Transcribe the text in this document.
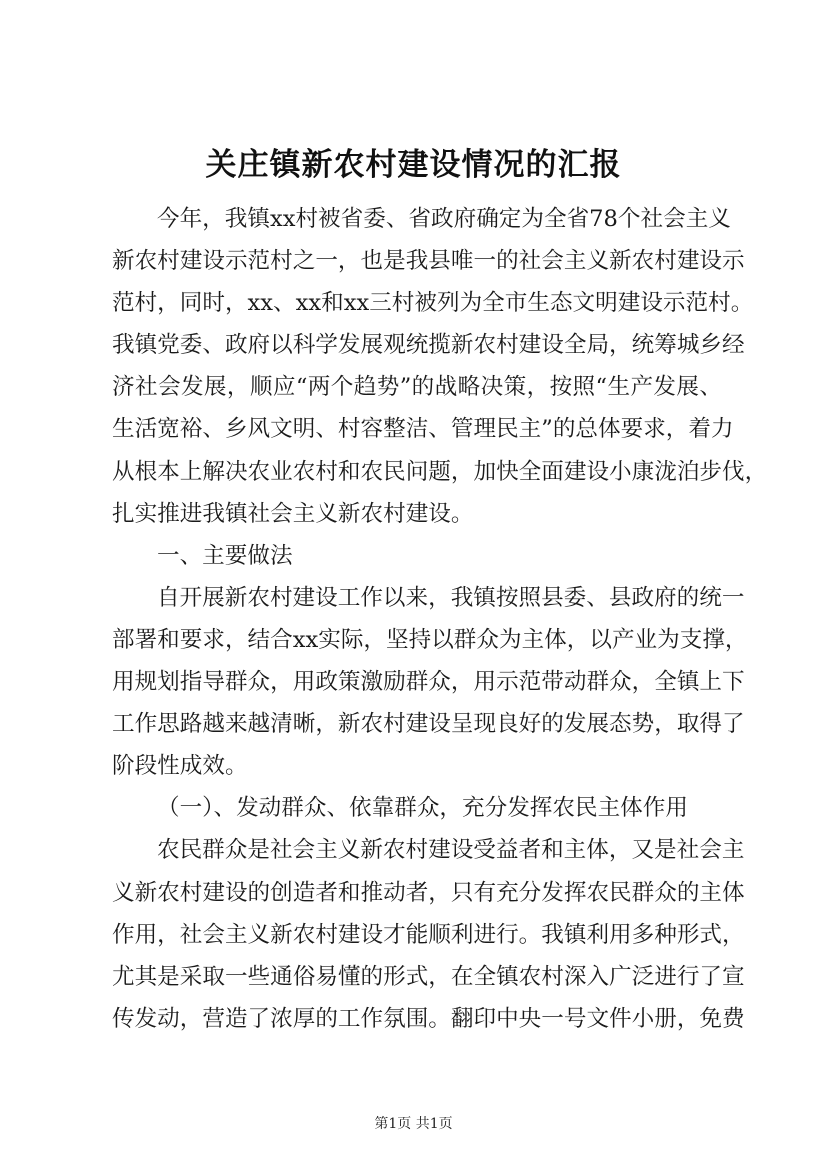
关庄镇新农村建设情况的汇报
今年，我镇xx村被省委、省政府确定为全省78个社会主义
新农村建设示范村之一，也是我县唯一的社会主义新农村建设示
范村，同时，xx、xx和xx三村被列为全市生态文明建设示范村。
我镇党委、政府以科学发展观统揽新农村建设全局，统筹城乡经
济社会发展，顺应“两个趋势”的战略决策，按照“生产发展、
生活宽裕、乡风文明、村容整洁、管理民主”的总体要求，着力
从根本上解决农业农村和农民问题，加快全面建设小康泷泊步伐，
扎实推进我镇社会主义新农村建设。
一、主要做法
自开展新农村建设工作以来，我镇按照县委、县政府的统一
部署和要求，结合xx实际，坚持以群众为主体，以产业为支撑，
用规划指导群众，用政策激励群众，用示范带动群众，全镇上下
工作思路越来越清晰，新农村建设呈现良好的发展态势，取得了
阶段性成效。
（一）、发动群众、依靠群众，充分发挥农民主体作用
农民群众是社会主义新农村建设受益者和主体，又是社会主
义新农村建设的创造者和推动者，只有充分发挥农民群众的主体
作用，社会主义新农村建设才能顺利进行。我镇利用多种形式，
尤其是采取一些通俗易懂的形式，在全镇农村深入广泛进行了宣
传发动，营造了浓厚的工作氛围。翻印中央一号文件小册，免费
第1页 共1页
